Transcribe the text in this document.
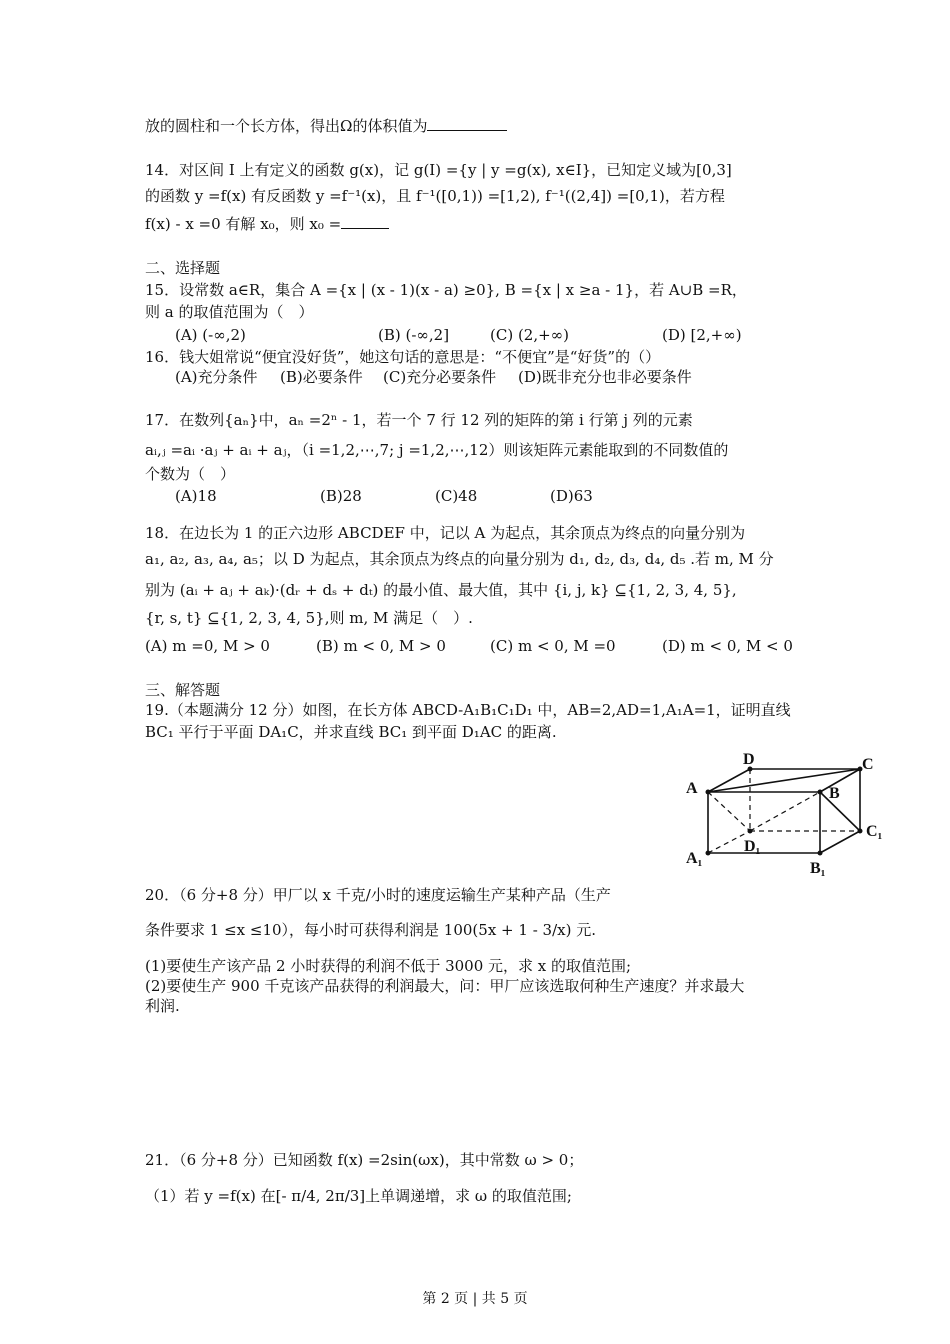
放的圆柱和一个长方体，得出Ω的体积值为
14．对区间 I 上有定义的函数 g(x)，记 g(I) ={y | y =g(x), x∈I}，已知定义域为[0,3]
的函数 y =f(x) 有反函数 y =f⁻¹(x)，且 f⁻¹([0,1)) =[1,2), f⁻¹((2,4]) =[0,1)，若方程
f(x) - x =0 有解 x₀，则 x₀ =
二、选择题
15．设常数 a∈R，集合 A ={x | (x - 1)(x - a) ≥0}, B ={x | x ≥a - 1}，若 A∪B =R，
则 a 的取值范围为（　）
(A) (-∞,2)	(B) (-∞,2]	(C) (2,+∞)	(D) [2,+∞)
16．钱大姐常说“便宜没好货”，她这句话的意思是：“不便宜”是“好货”的（）
(A)充分条件 (B)必要条件 (C)充分必要条件 (D)既非充分也非必要条件
17．在数列{aₙ}中，aₙ =2ⁿ - 1，若一个 7 行 12 列的矩阵的第 i 行第 j 列的元素
aᵢ,ⱼ =aᵢ ·aⱼ + aᵢ + aⱼ，（i =1,2,⋯,7; j =1,2,⋯,12）则该矩阵元素能取到的不同数值的
个数为（　）
(A)18	(B)28	(C)48	(D)63
18．在边长为 1 的正六边形 ABCDEF 中，记以 A 为起点，其余顶点为终点的向量分别为
a₁, a₂, a₃, a₄, a₅；以 D 为起点，其余顶点为终点的向量分别为 d₁, d₂, d₃, d₄, d₅ .若 m, M 分
别为 (aᵢ + aⱼ + aₖ)·(dᵣ + dₛ + dₜ) 的最小值、最大值，其中 {i, j, k} ⊆{1, 2, 3, 4, 5},
{r, s, t} ⊆{1, 2, 3, 4, 5},则 m, M 满足（　）.
(A) m =0, M > 0	(B) m < 0, M > 0	(C) m < 0, M =0	(D) m < 0, M < 0
三、解答题
19.（本题满分 12 分）如图，在长方体 ABCD-A₁B₁C₁D₁ 中，AB=2,AD=1,A₁A=1，证明直线
BC₁ 平行于平面 DA₁C，并求直线 BC₁ 到平面 D₁AC 的距离.
D	C
A	B
C₁
D₁
A₁
B₁
20．（6 分+8 分）甲厂以 x 千克/小时的速度运输生产某种产品（生产
条件要求 1 ≤x ≤10），每小时可获得利润是 100(5x + 1 - 3/x) 元.
(1)要使生产该产品 2 小时获得的利润不低于 3000 元，求 x 的取值范围;
(2)要使生产 900 千克该产品获得的利润最大，问：甲厂应该选取何种生产速度？并求最大
利润.
21．（6 分+8 分）已知函数 f(x) =2sin(ωx)，其中常数 ω > 0；
（1）若 y =f(x) 在[- π/4, 2π/3]上单调递增，求 ω 的取值范围;
第 2 页 | 共 5 页
